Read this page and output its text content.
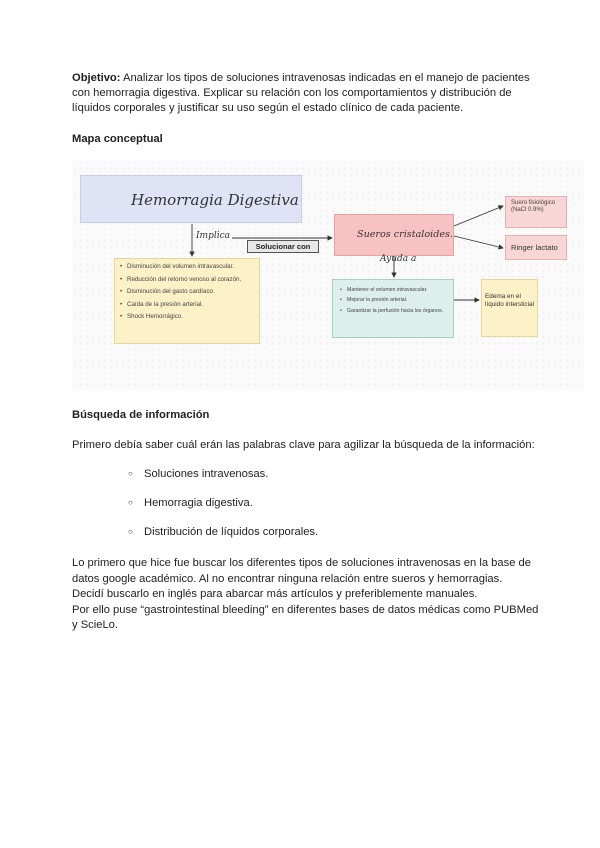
Objetivo: Analizar los tipos de soluciones intravenosas indicadas en el manejo de pacientes con hemorragia digestiva. Explicar su relación con los comportamientos y distribución de líquidos corporales y justificar su uso según el estado clínico de cada paciente.

Mapa conceptual
Hemorragia Digestiva
Implica
Solucionar con
• Disminución del volumen intravascular.
• Reducción del retorno venoso al corazón.
• Disminución del gasto cardíaco.
• Caída de la presión arterial.
• Shock Hemorrágico.
Sueros cristaloides.
Ayuda a
• Mantener el volumen intravascular.
• Mejorar la presión arterial.
• Garantizar la perfusión hacia los órganos.
Suero fisiológico (NaCl 0.9%)
Ringer lactato
Edema en el líquido intersticial
Búsqueda de información

Primero debía saber cuál erán las palabras clave para agilizar la búsqueda de la información:

○ Soluciones intravenosas.
○ Hemorragia digestiva.
○ Distribución de líquidos corporales.

Lo primero que hice fue buscar los diferentes tipos de soluciones intravenosas en la base de datos google académico. Al no encontrar ninguna relación entre sueros y hemorragias.

Decidí buscarlo en inglés para abarcar más artículos y preferiblemente manuales.

Por ello puse “gastrointestinal bleeding” en diferentes bases de datos médicas como PUBMed y ScieLo.
